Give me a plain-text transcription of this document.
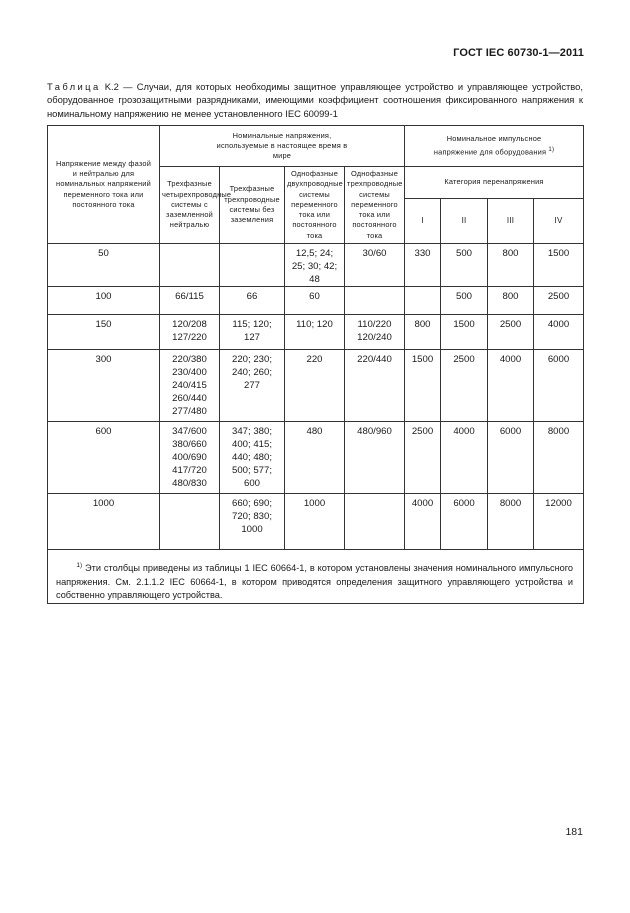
ГОСТ IEC 60730-1—2011
Таблица K.2 — Случаи, для которых необходимы защитное управляющее устройство и управляющее устройство, оборудованное грозозащитными разрядниками, имеющими коэффициент соотношения фиксированного напряжения к номинальному напряжению не менее установленного IEC 60099-1
Напряжение между фазой и нейтралью для номинальных напряжений переменного тока или постоянного тока	Номинальные напряжения, используемые в настоящее время в мире				Номинальное импульсное напряжение для оборудования $^{1)}$
	Трехфазные четырехпроводные системы с заземленной нейтралью	Трехфазные трехпроводные системы без заземления	Однофазные двухпроводные системы переменного тока или постоянного тока	Однофазные трехпроводные системы переменного тока или постоянного тока	Категория перенапряжения			
					I	II	III	IV
50			12,5; 24; 25; 30; 42; 48	30/60	330	500	800	1500
100	66/115	66	60			500	800	2500
150	120/208 127/220	115; 120; 127	110; 120	110/220 120/240	800	1500	2500	4000
300	220/380 230/400 240/415 260/440 277/480	220; 230; 240; 260; 277	220	220/440	1500	2500	4000	6000
600	347/600 380/660 400/690 417/720 480/830	347; 380; 400; 415; 440; 480; 500; 577; 600	480	480/960	2500	4000	6000	8000
1000		660; 690; 720; 830; 1000	1000		4000	6000	8000	12000
$^{1)}$ Эти столбцы приведены из таблицы 1 IEC 60664-1, в котором установлены значения номинального импульсного напряжения. См. 2.1.1.2 IEC 60664-1, в котором приводятся определения защитного управляющего устройства и собственно управляющего устройства.								
181
